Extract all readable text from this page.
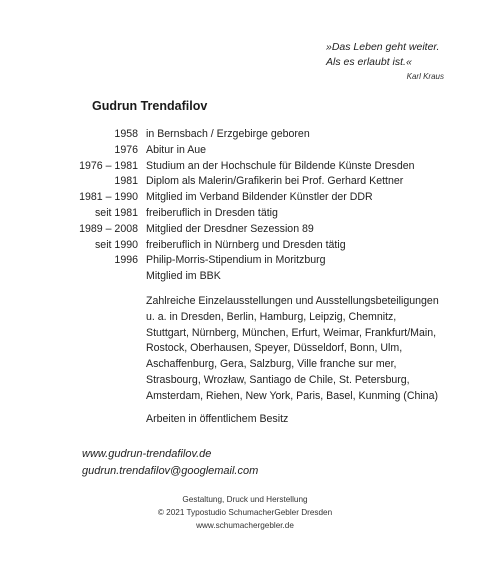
»Das Leben geht weiter.
Als es erlaubt ist.«
Karl Kraus
Gudrun Trendafilov
1958 in Bernsbach / Erzgebirge geboren
1976 Abitur in Aue
1976 – 1981 Studium an der Hochschule für Bildende Künste Dresden
1981 Diplom als Malerin/Grafikerin bei Prof. Gerhard Kettner
1981 – 1990 Mitglied im Verband Bildender Künstler der DDR
seit 1981 freiberuflich in Dresden tätig
1989 – 2008 Mitglied der Dresdner Sezession 89
seit 1990 freiberuflich in Nürnberg und Dresden tätig
1996 Philip-Morris-Stipendium in Moritzburg
Mitglied im BBK
Zahlreiche Einzelausstellungen und Ausstellungsbeteiligungen
u. a. in Dresden, Berlin, Hamburg, Leipzig, Chemnitz,
Stuttgart, Nürnberg, München, Erfurt, Weimar, Frankfurt/Main,
Rostock, Oberhausen, Speyer, Düsseldorf, Bonn, Ulm,
Aschaffenburg, Gera, Salzburg, Ville franche sur mer,
Strasbourg, Wrozław, Santiago de Chile, St. Petersburg,
Amsterdam, Riehen, New York, Paris, Basel, Kunming (China)
Arbeiten in öffentlichem Besitz
www.gudrun-trendafilov.de
gudrun.trendafilov@googlemail.com
Gestaltung, Druck und Herstellung
© 2021 Typostudio SchumacherGebler Dresden
www.schumachergebler.de
